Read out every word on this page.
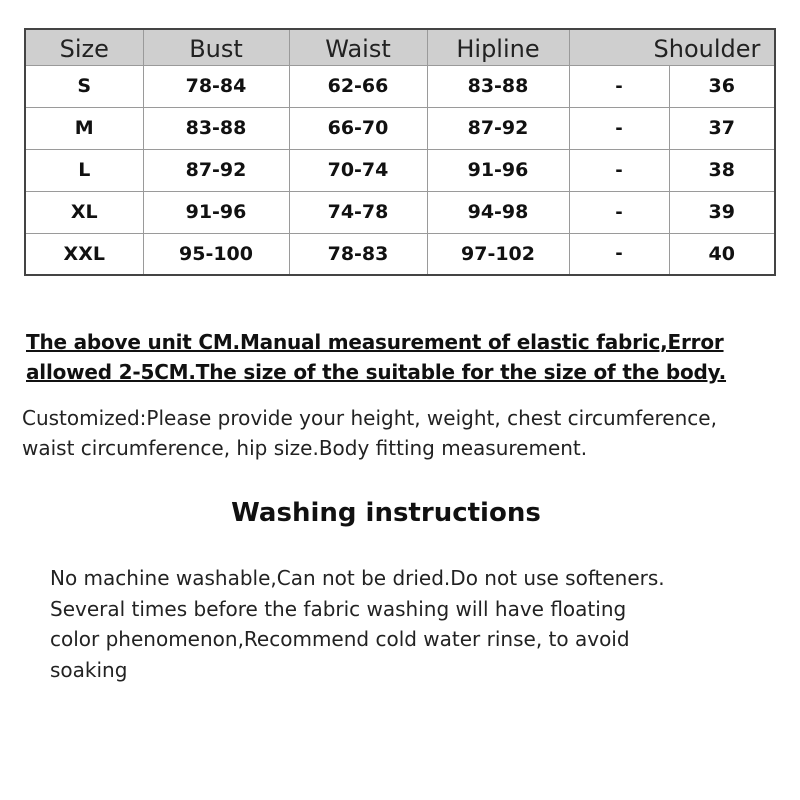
Size	Bust	Waist	Hipline	Shoulder	
S	78-84	62-66	83-88	-	36
M	83-88	66-70	87-92	-	37
L	87-92	70-74	91-96	-	38
XL	91-96	74-78	94-98	-	39
XXL	95-100	78-83	97-102	-	40

The above unit CM.Manual measurement of elastic fabric,Error
allowed 2-5CM.The size of the suitable for the size of the body.

Customized:Please provide your height, weight, chest circumference,
waist circumference, hip size.Body fitting measurement.

Washing instructions

No machine washable,Can not be dried.Do not use softeners.
Several times before the fabric washing will have floating
color phenomenon,Recommend cold water rinse, to avoid
soaking
